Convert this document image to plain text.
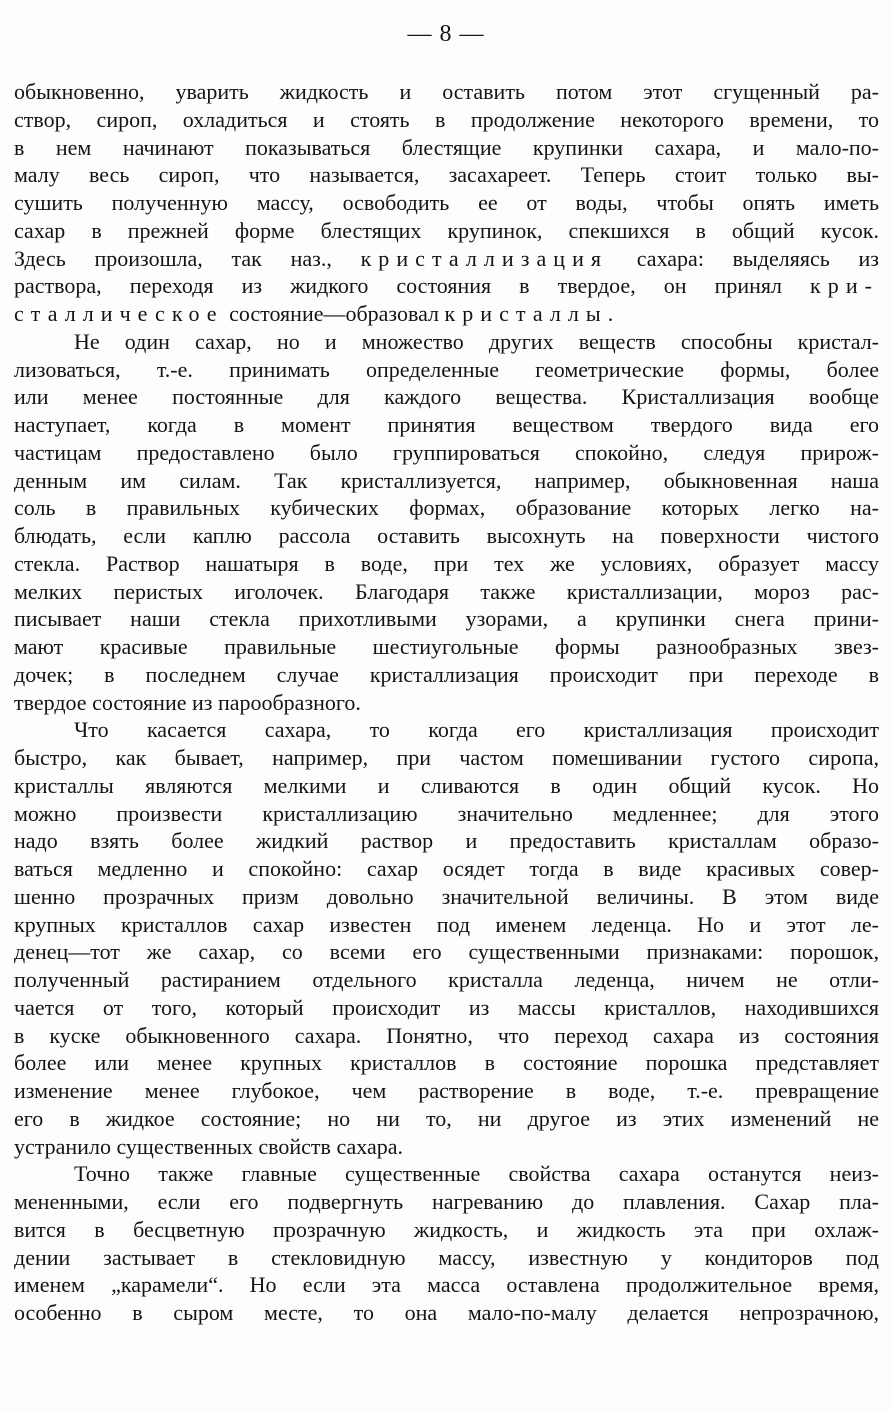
— 8 —
обыкновенно, уварить жидкость и оставить потом этот сгущенный ра-
створ, сироп, охладиться и стоять в продолжение некоторого времени, то
в нем начинают показываться блестящие крупинки сахара, и мало-по-
малу весь сироп, что называется, засахареет. Теперь стоит только вы-
сушить полученную массу, освободить ее от воды, чтобы опять иметь
сахар в прежней форме блестящих крупинок, спекшихся в общий кусок.
Здесь произошла, так наз., кристаллизация сахара: выделяясь из
раствора, переходя из жидкого состояния в твердое, он принял кри-
сталлическое состояние—образовал кристаллы.
Не один сахар, но и множество других веществ способны кристал-
лизоваться, т.-е. принимать определенные геометрические формы, более
или менее постоянные для каждого вещества. Кристаллизация вообще
наступает, когда в момент принятия веществом твердого вида его
частицам предоставлено было группироваться спокойно, следуя прирож-
денным им силам. Так кристаллизуется, например, обыкновенная наша
соль в правильных кубических формах, образование которых легко на-
блюдать, если каплю рассола оставить высохнуть на поверхности чистого
стекла. Раствор нашатыря в воде, при тех же условиях, образует массу
мелких перистых иголочек. Благодаря также кристаллизации, мороз рас-
писывает наши стекла прихотливыми узорами, а крупинки снега прини-
мают красивые правильные шестиугольные формы разнообразных звез-
дочек; в последнем случае кристаллизация происходит при переходе в
твердое состояние из парообразного.
Что касается сахара, то когда его кристаллизация происходит
быстро, как бывает, например, при частом помешивании густого сиропа,
кристаллы являются мелкими и сливаются в один общий кусок. Но
можно произвести кристаллизацию значительно медленнее; для этого
надо взять более жидкий раствор и предоставить кристаллам образо-
ваться медленно и спокойно: сахар осядет тогда в виде красивых совер-
шенно прозрачных призм довольно значительной величины. В этом виде
крупных кристаллов сахар известен под именем леденца. Но и этот ле-
денец—тот же сахар, со всеми его существенными признаками: порошок,
полученный растиранием отдельного кристалла леденца, ничем не отли-
чается от того, который происходит из массы кристаллов, находившихся
в куске обыкновенного сахара. Понятно, что переход сахара из состояния
более или менее крупных кристаллов в состояние порошка представляет
изменение менее глубокое, чем растворение в воде, т.-е. превращение
его в жидкое состояние; но ни то, ни другое из этих изменений не
устранило существенных свойств сахара.
Точно также главные существенные свойства сахара останутся неиз-
мененными, если его подвергнуть нагреванию до плавления. Сахар пла-
вится в бесцветную прозрачную жидкость, и жидкость эта при охлаж-
дении застывает в стекловидную массу, известную у кондиторов под
именем „карамели“. Но если эта масса оставлена продолжительное время,
особенно в сыром месте, то она мало-по-малу делается непрозрачною,
